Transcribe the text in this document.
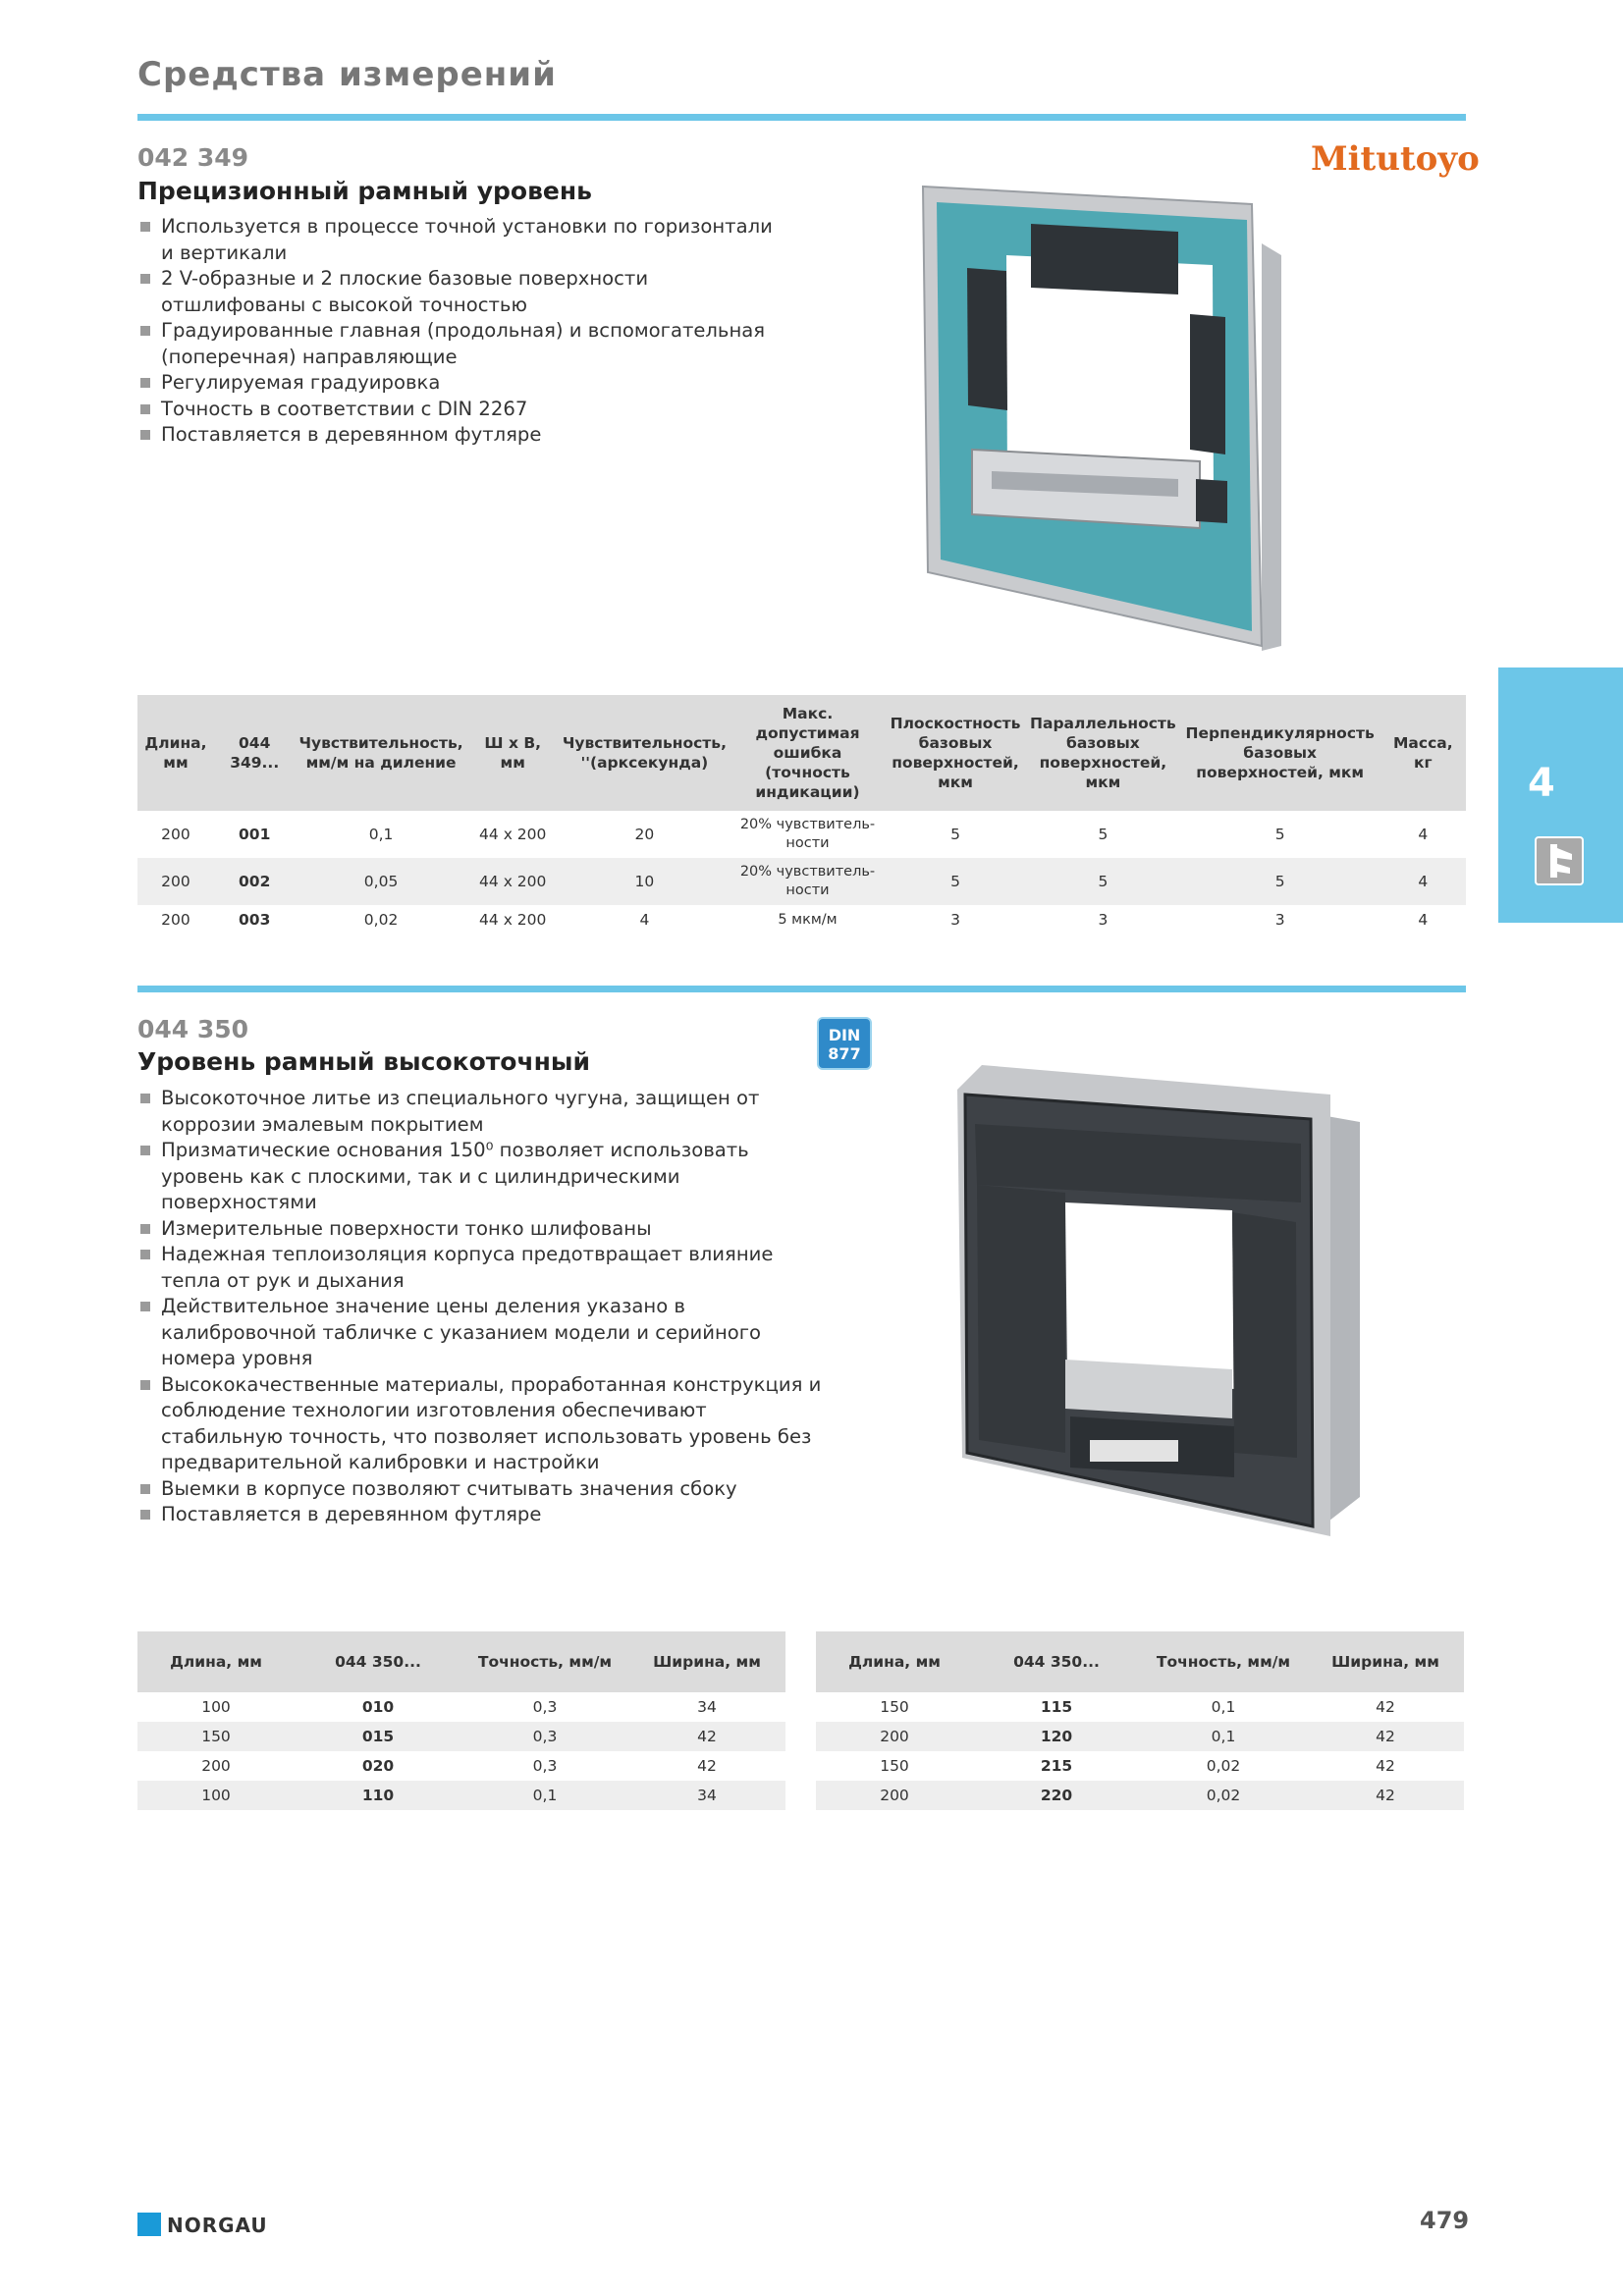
Средства измерений
Mitutoyo
042 349
Прецизионный рамный уровень
Используется в процессе точной установки по горизонтали и вертикали
2 V-образные и 2 плоские базовые поверхности отшлифованы с высокой точностью
Градуированные главная (продольная) и вспомогательная (поперечная) направляющие
Регулируемая градуировка
Точность в соответствии с DIN 2267
Поставляется в деревянном футляре
Длина, мм	044 349...	Чувствительность, мм/м на диление	Ш x В, мм	Чувствительность, ''(арксекунда)	Макс. допустимая ошибка (точность индикации)	Плоскостность базовых поверхностей, мкм	Параллельность базовых поверхностей, мкм	Перпендикулярность базовых поверхностей, мкм	Масса, кг
200	001	0,1	44 x 200	20	20% чувствитель-ности	5	5	5	4
200	002	0,05	44 x 200	10	20% чувствитель-ности	5	5	5	4
200	003	0,02	44 x 200	4	5 мкм/м	3	3	3	4
4
044 350
Уровень рамный высокоточный
DIN
877
Высокоточное литье из специального чугуна, защищен от коррозии эмалевым покрытием
Призматические основания 150⁰ позволяет использовать уровень как с плоскими, так и с цилиндрическими поверхностями
Измерительные поверхности тонко шлифованы
Надежная теплоизоляция корпуса предотвращает влияние тепла от рук и дыхания
Действительное значение цены деления указано в калибровочной табличке с указанием модели и серийного номера уровня
Высококачественные материалы, проработанная конструкция и соблюдение технологии изготовления обеспечивают стабильную точность, что позволяет использовать уровень без предварительной калибровки и настройки
Выемки в корпусе позволяют считывать значения сбоку
Поставляется в деревянном футляре
Длина, мм	044 350...	Точность, мм/м	Ширина, мм
100	010	0,3	34
150	015	0,3	42
200	020	0,3	42
100	110	0,1	34
Длина, мм	044 350...	Точность, мм/м	Ширина, мм
150	115	0,1	42
200	120	0,1	42
150	215	0,02	42
200	220	0,02	42
NORGAU	479
